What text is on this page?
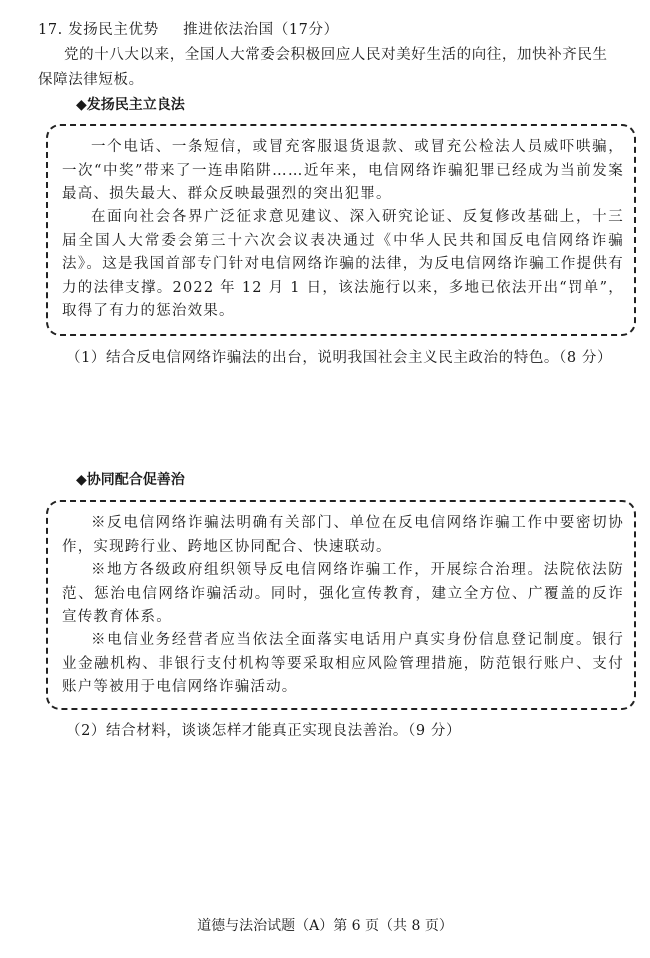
17. 发扬民主优势 推进依法治国（17分）
党的十八大以来，全国人大常委会积极回应人民对美好生活的向往，加快补齐民生
保障法律短板。
◆发扬民主立良法
一个电话、一条短信，或冒充客服退货退款、或冒充公检法人员威吓哄骗，一次“中奖”带来了一连串陷阱……近年来，电信网络诈骗犯罪已经成为当前发案最高、损失最大、群众反映最强烈的突出犯罪。
在面向社会各界广泛征求意见建议、深入研究论证、反复修改基础上，十三届全国人大常委会第三十六次会议表决通过《中华人民共和国反电信网络诈骗法》。这是我国首部专门针对电信网络诈骗的法律，为反电信网络诈骗工作提供有力的法律支撑。2022 年 12 月 1 日，该法施行以来，多地已依法开出“罚单”，取得了有力的惩治效果。
（1）结合反电信网络诈骗法的出台，说明我国社会主义民主政治的特色。（8 分）
◆协同配合促善治
※反电信网络诈骗法明确有关部门、单位在反电信网络诈骗工作中要密切协作，实现跨行业、跨地区协同配合、快速联动。
※地方各级政府组织领导反电信网络诈骗工作，开展综合治理。法院依法防范、惩治电信网络诈骗活动。同时，强化宣传教育，建立全方位、广覆盖的反诈宣传教育体系。
※电信业务经营者应当依法全面落实电话用户真实身份信息登记制度。银行业金融机构、非银行支付机构等要采取相应风险管理措施，防范银行账户、支付账户等被用于电信网络诈骗活动。
（2）结合材料，谈谈怎样才能真正实现良法善治。（9 分）
道德与法治试题（A）第 6 页（共 8 页）
